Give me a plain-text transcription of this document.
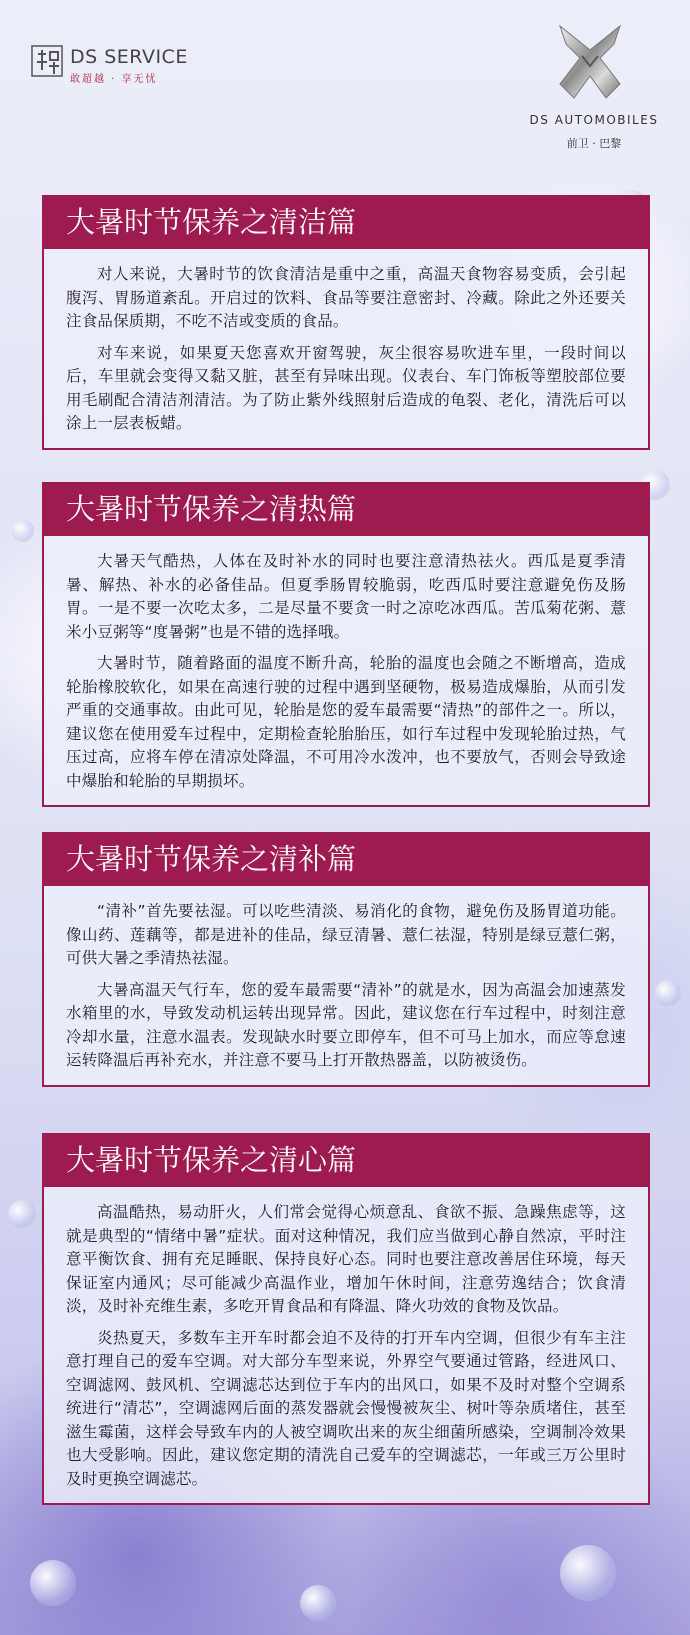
DS SERVICE
敢超越 · 享无忧
DS AUTOMOBILES
前卫 · 巴黎
大暑时节保养之清洁篇

对人来说，大暑时节的饮食清洁是重中之重，高温天食物容易变质，会引起腹泻、胃肠道紊乱。开启过的饮料、食品等要注意密封、冷藏。除此之外还要关注食品保质期，不吃不洁或变质的食品。

对车来说，如果夏天您喜欢开窗驾驶，灰尘很容易吹进车里，一段时间以后，车里就会变得又黏又脏，甚至有异味出现。仪表台、车门饰板等塑胶部位要用毛刷配合清洁剂清洁。为了防止紫外线照射后造成的龟裂、老化，清洗后可以涂上一层表板蜡。

大暑时节保养之清热篇

大暑天气酷热，人体在及时补水的同时也要注意清热祛火。西瓜是夏季清暑、解热、补水的必备佳品。但夏季肠胃较脆弱，吃西瓜时要注意避免伤及肠胃。一是不要一次吃太多，二是尽量不要贪一时之凉吃冰西瓜。苦瓜菊花粥、薏米小豆粥等“度暑粥”也是不错的选择哦。

大暑时节，随着路面的温度不断升高，轮胎的温度也会随之不断增高，造成轮胎橡胶软化，如果在高速行驶的过程中遇到坚硬物，极易造成爆胎，从而引发严重的交通事故。由此可见，轮胎是您的爱车最需要“清热”的部件之一。所以，建议您在使用爱车过程中，定期检查轮胎胎压，如行车过程中发现轮胎过热，气压过高，应将车停在清凉处降温，不可用冷水泼冲，也不要放气，否则会导致途中爆胎和轮胎的早期损坏。

大暑时节保养之清补篇

“清补”首先要祛湿。可以吃些清淡、易消化的食物，避免伤及肠胃道功能。像山药、莲藕等，都是进补的佳品，绿豆清暑、薏仁祛湿，特别是绿豆薏仁粥，可供大暑之季清热祛湿。

大暑高温天气行车，您的爱车最需要“清补”的就是水，因为高温会加速蒸发水箱里的水，导致发动机运转出现异常。因此，建议您在行车过程中，时刻注意冷却水量，注意水温表。发现缺水时要立即停车，但不可马上加水，而应等怠速运转降温后再补充水，并注意不要马上打开散热器盖，以防被烫伤。

大暑时节保养之清心篇

高温酷热，易动肝火，人们常会觉得心烦意乱、食欲不振、急躁焦虑等，这就是典型的“情绪中暑”症状。面对这种情况，我们应当做到心静自然凉，平时注意平衡饮食、拥有充足睡眠、保持良好心态。同时也要注意改善居住环境，每天保证室内通风；尽可能减少高温作业，增加午休时间，注意劳逸结合；饮食清淡，及时补充维生素，多吃开胃食品和有降温、降火功效的食物及饮品。

炎热夏天，多数车主开车时都会迫不及待的打开车内空调，但很少有车主注意打理自己的爱车空调。对大部分车型来说，外界空气要通过管路，经进风口、空调滤网、鼓风机、空调滤芯达到位于车内的出风口，如果不及时对整个空调系统进行“清芯”，空调滤网后面的蒸发器就会慢慢被灰尘、树叶等杂质堵住，甚至滋生霉菌，这样会导致车内的人被空调吹出来的灰尘细菌所感染，空调制冷效果也大受影响。因此，建议您定期的清洗自己爱车的空调滤芯，一年或三万公里时及时更换空调滤芯。
